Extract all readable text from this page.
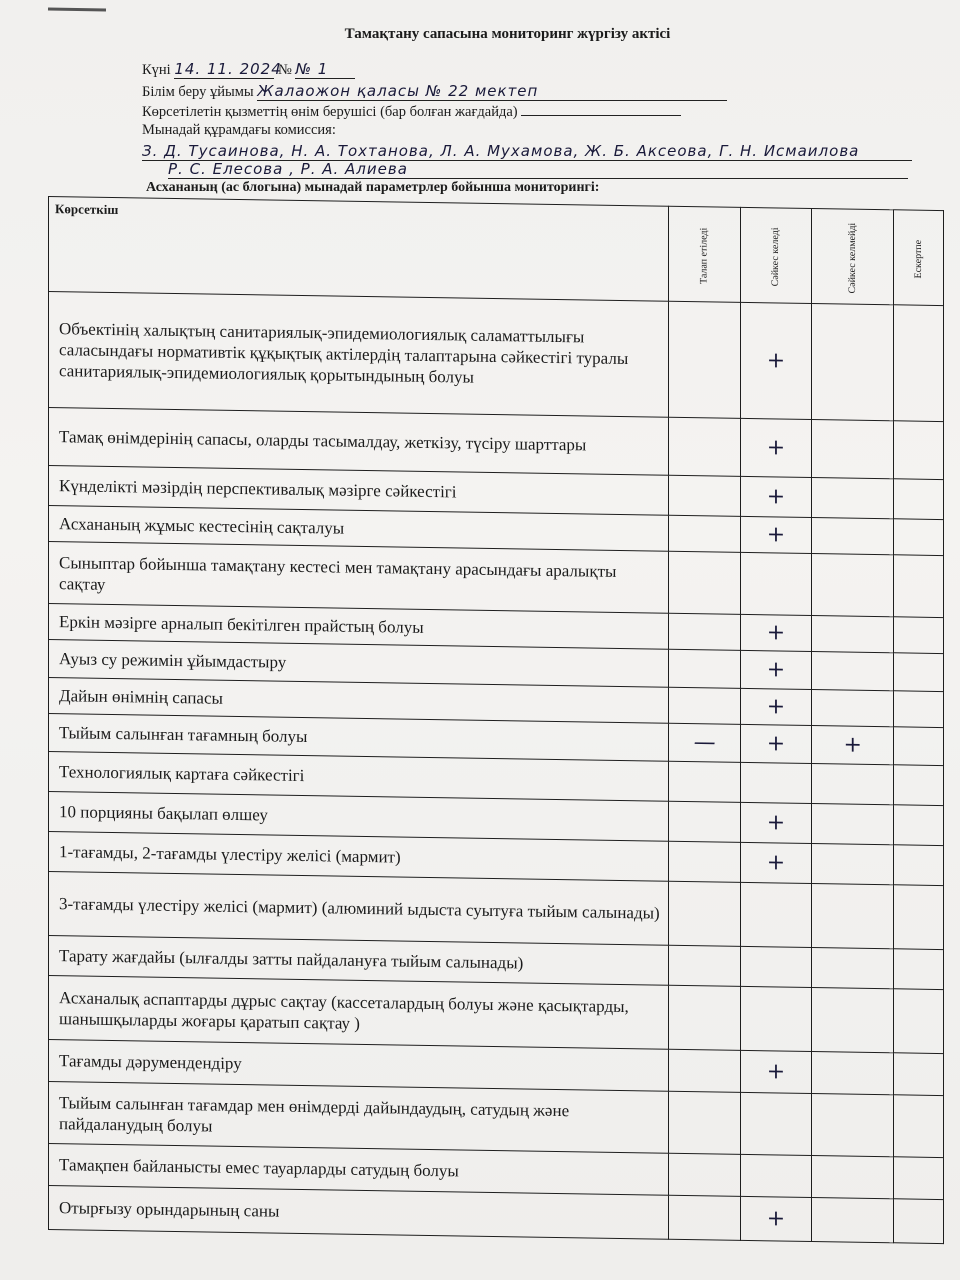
Тамақтану сапасына мониторинг жүргізу актісі
Күні 14. 11. 2024 № № 1
Білім беру ұйымы Жалаожон қаласы № 22 мектеп
Көрсетілетін қызметтің өнім берушісі (бар болған жағдайда)
Мынадай құрамдағы комиссия:
З. Д. Тусаинова, Н. А. Тохтанова, Л. А. Мухамова, Ж. Б. Аксеова, Г. Н. Исмаилова
Р. С. Елесова , Р. А. Алиева
Асхананың (ас блогына) мынадай параметрлер бойынша мониторингі:
Көрсеткіш	Талап етіледі	Сәйкес келеді	Сәйкес келмейді	Ескертпе
Объектінің халықтың санитариялық-эпидемиологиялық саламаттылығы саласындағы нормативтік құқықтық актілердің талаптарына сәйкестігі туралы санитариялық-эпидемиологиялық қорытындының болуы		+		
Тамақ өнімдерінің сапасы, оларды тасымалдау, жеткізу, түсіру шарттары		+		
Күнделікті мәзірдің перспективалық мәзірге сәйкестігі		+		
Асхананың жұмыс кестесінің сақталуы		+		
Сыныптар бойынша тамақтану кестесі мен тамақтану арасындағы аралықты сақтау				
Еркін мәзірге арналып бекітілген прайстың болуы		+		
Ауыз су режимін ұйымдастыру		+		
Дайын өнімнің сапасы		+		
Тыйым салынған тағамның болуы	—	+	+	
Технологиялық картаға сәйкестігі				
10 порцияны бақылап өлшеу		+		
1-тағамды, 2-тағамды үлестіру желісі (мармит)		+		
3-тағамды үлестіру желісі (мармит) (алюминий ыдыста суытуға тыйым салынады)				
Тарату жағдайы (ылғалды затты пайдалануға тыйым салынады)				
Асханалық аспаптарды дұрыс сақтау (кассеталардың болуы және қасықтарды, шанышқыларды жоғары қаратып сақтау )				
Тағамды дәрумендендіру		+		
Тыйым салынған тағамдар мен өнімдерді дайындаудың, сатудың және пайдаланудың болуы				
Тамақпен байланысты емес тауарларды сатудың болуы				
Отырғызу орындарының саны		+		
